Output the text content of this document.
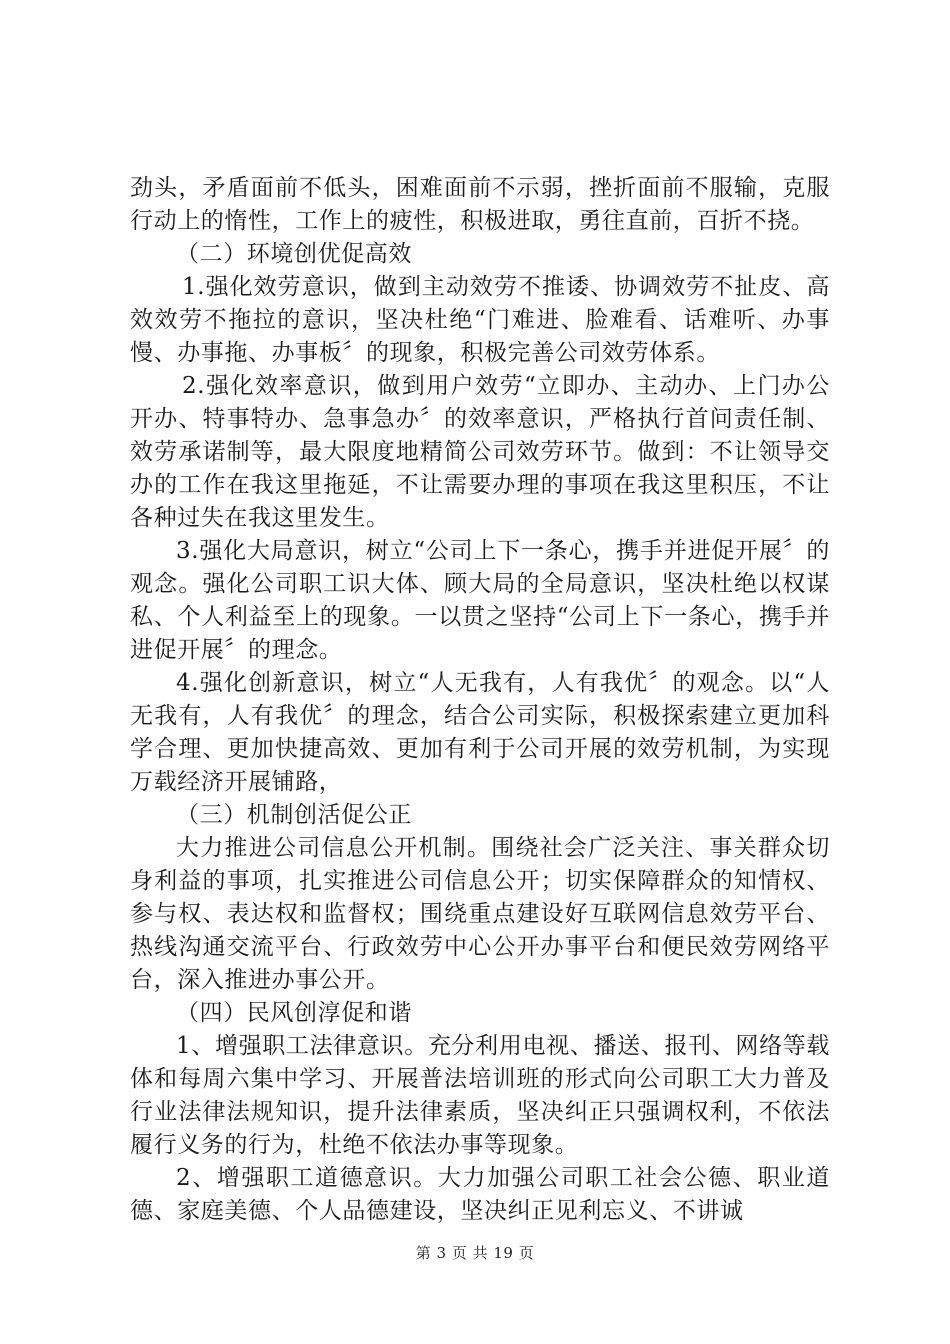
劲头，矛盾面前不低头，困难面前不示弱，挫折面前不服输，克服行动上的惰性，工作上的疲性，积极进取，勇往直前，百折不挠。

（二）环境创优促高效

1.强化效劳意识，做到主动效劳不推诿、协调效劳不扯皮、高效效劳不拖拉的意识，坚决杜绝“门难进、脸难看、话难听、办事慢、办事拖、办事板〞的现象，积极完善公司效劳体系。

2.强化效率意识，做到用户效劳“立即办、主动办、上门办公开办、特事特办、急事急办〞的效率意识，严格执行首问责任制、效劳承诺制等，最大限度地精简公司效劳环节。做到：不让领导交办的工作在我这里拖延，不让需要办理的事项在我这里积压，不让各种过失在我这里发生。

3.强化大局意识，树立“公司上下一条心，携手并进促开展〞的观念。强化公司职工识大体、顾大局的全局意识，坚决杜绝以权谋私、个人利益至上的现象。一以贯之坚持“公司上下一条心，携手并进促开展〞的理念。

4.强化创新意识，树立“人无我有，人有我优〞的观念。以“人无我有，人有我优〞的理念，结合公司实际，积极探索建立更加科学合理、更加快捷高效、更加有利于公司开展的效劳机制，为实现万载经济开展铺路，

（三）机制创活促公正

大力推进公司信息公开机制。围绕社会广泛关注、事关群众切身利益的事项，扎实推进公司信息公开；切实保障群众的知情权、参与权、表达权和监督权；围绕重点建设好互联网信息效劳平台、热线沟通交流平台、行政效劳中心公开办事平台和便民效劳网络平台，深入推进办事公开。

（四）民风创淳促和谐

1、增强职工法律意识。充分利用电视、播送、报刊、网络等载体和每周六集中学习、开展普法培训班的形式向公司职工大力普及行业法律法规知识，提升法律素质，坚决纠正只强调权利，不依法履行义务的行为，杜绝不依法办事等现象。

2、增强职工道德意识。大力加强公司职工社会公德、职业道德、家庭美德、个人品德建设，坚决纠正见利忘义、不讲诚

第 3 页 共 19 页
